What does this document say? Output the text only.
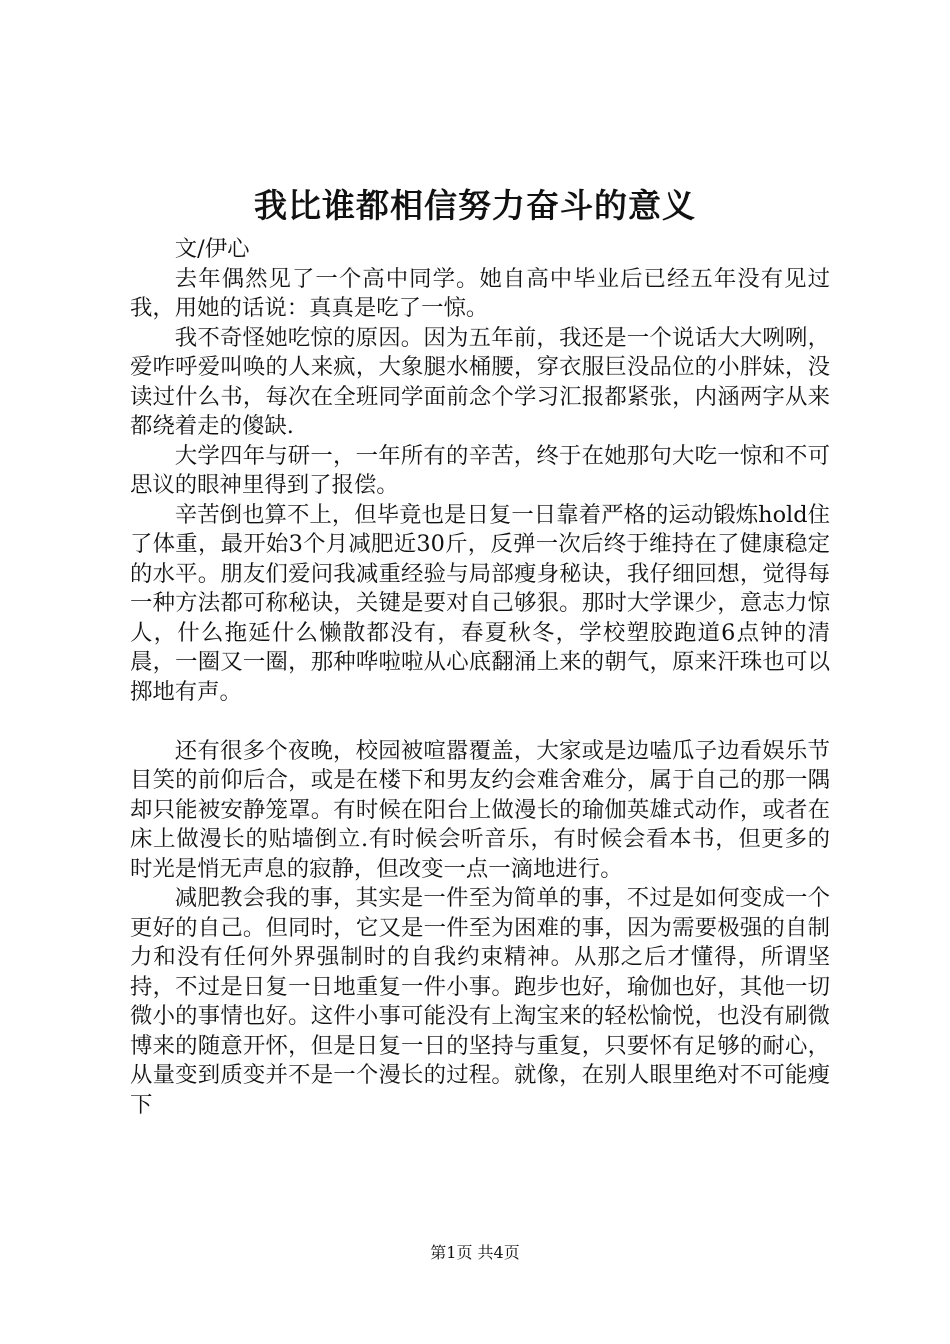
我比谁都相信努力奋斗的意义

文/伊心

去年偶然见了一个高中同学。她自高中毕业后已经五年没有见过我，用她的话说：真真是吃了一惊。

我不奇怪她吃惊的原因。因为五年前，我还是一个说话大大咧咧，爱咋呼爱叫唤的人来疯，大象腿水桶腰，穿衣服巨没品位的小胖妹，没读过什么书，每次在全班同学面前念个学习汇报都紧张，内涵两字从来都绕着走的傻缺.

大学四年与研一，一年所有的辛苦，终于在她那句大吃一惊和不可思议的眼神里得到了报偿。

辛苦倒也算不上，但毕竟也是日复一日靠着严格的运动锻炼hold住了体重，最开始3个月减肥近30斤，反弹一次后终于维持在了健康稳定的水平。朋友们爱问我减重经验与局部瘦身秘诀，我仔细回想，觉得每一种方法都可称秘诀，关键是要对自己够狠。那时大学课少，意志力惊人，什么拖延什么懒散都没有，春夏秋冬，学校塑胶跑道6点钟的清晨，一圈又一圈，那种哗啦啦从心底翻涌上来的朝气，原来汗珠也可以掷地有声。

还有很多个夜晚，校园被喧嚣覆盖，大家或是边嗑瓜子边看娱乐节目笑的前仰后合，或是在楼下和男友约会难舍难分，属于自己的那一隅却只能被安静笼罩。有时候在阳台上做漫长的瑜伽英雄式动作，或者在床上做漫长的贴墙倒立.有时候会听音乐，有时候会看本书，但更多的时光是悄无声息的寂静，但改变一点一滴地进行。

减肥教会我的事，其实是一件至为简单的事，不过是如何变成一个更好的自己。但同时，它又是一件至为困难的事，因为需要极强的自制力和没有任何外界强制时的自我约束精神。从那之后才懂得，所谓坚持，不过是日复一日地重复一件小事。跑步也好，瑜伽也好，其他一切微小的事情也好。这件小事可能没有上淘宝来的轻松愉悦，也没有刷微博来的随意开怀，但是日复一日的坚持与重复，只要怀有足够的耐心，从量变到质变并不是一个漫长的过程。就像，在别人眼里绝对不可能瘦下

第1页 共4页
